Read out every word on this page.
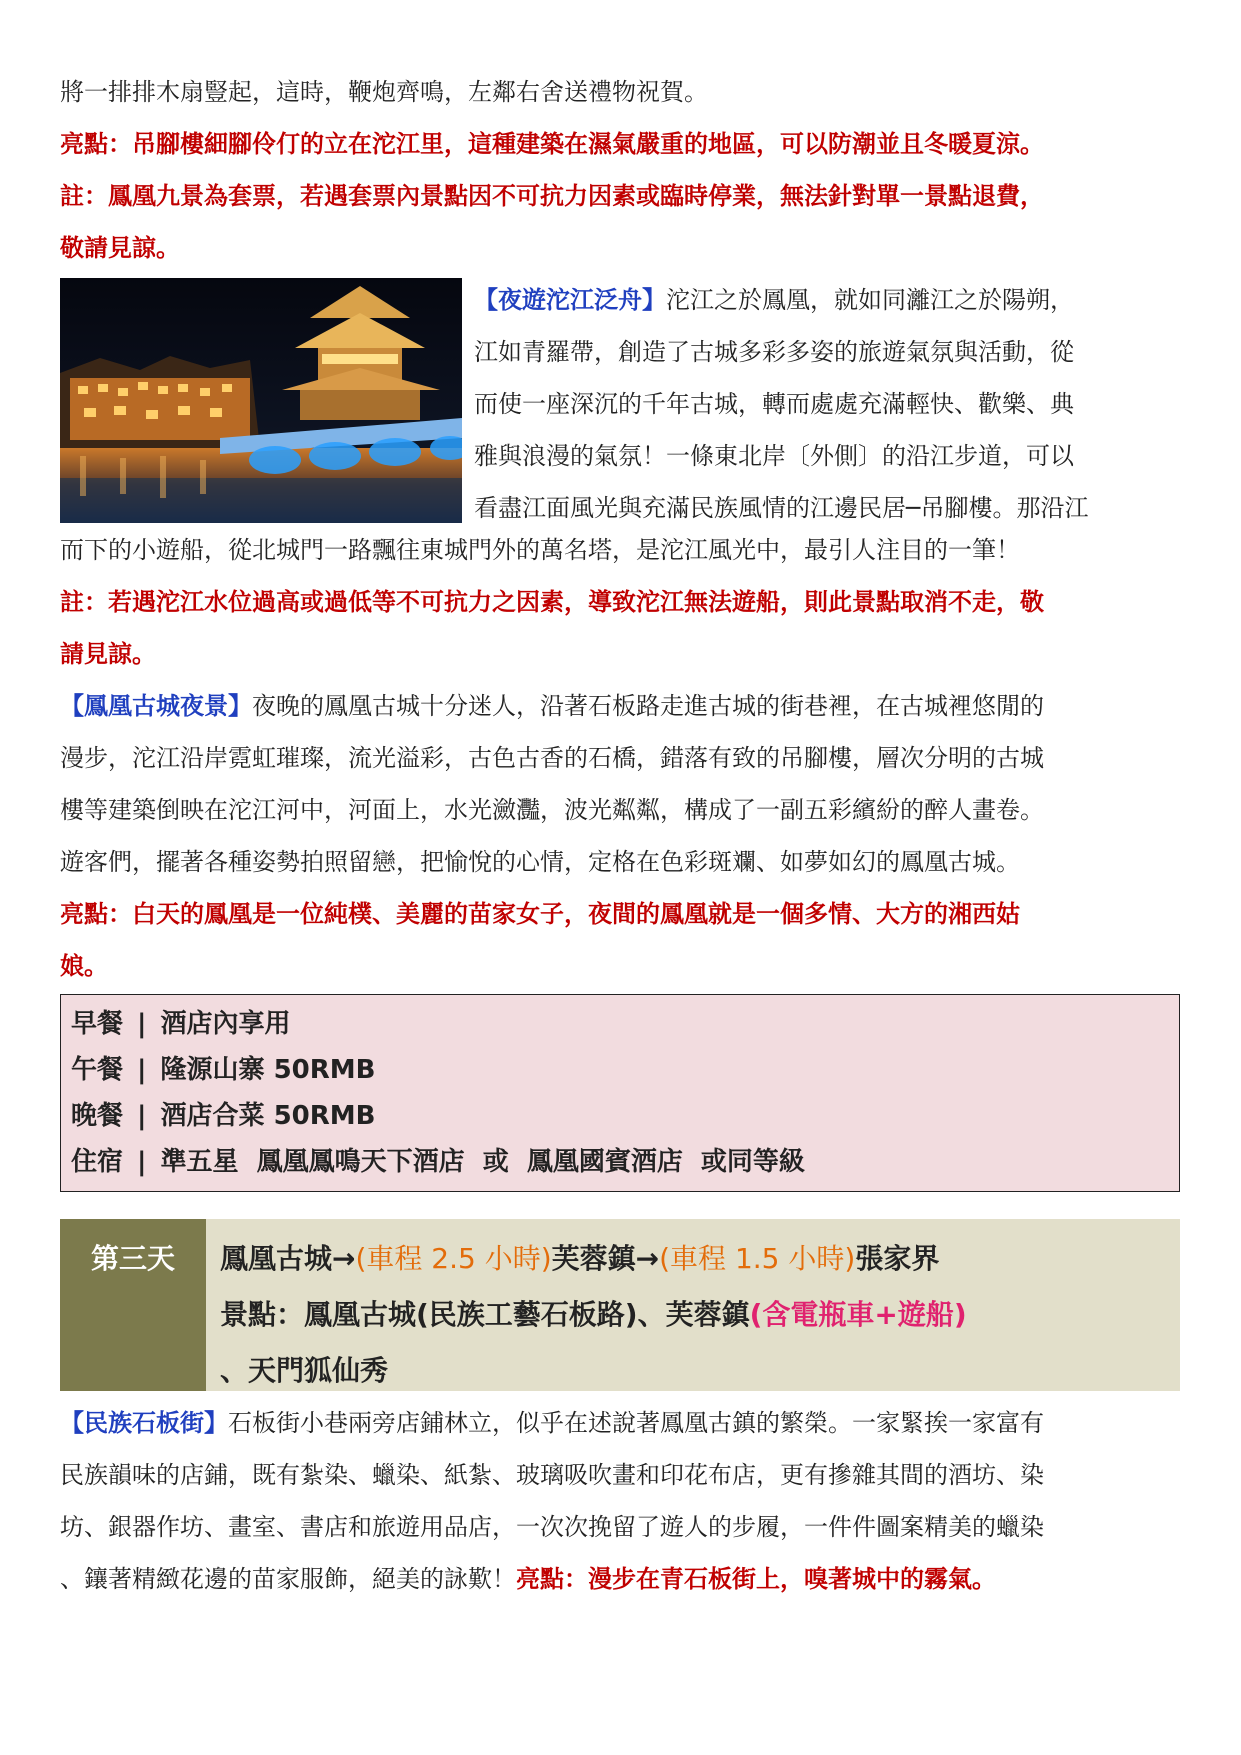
將一排排木扇豎起，這時，鞭炮齊鳴，左鄰右舍送禮物祝賀。
亮點：吊腳樓細腳伶仃的立在沱江里，這種建築在濕氣嚴重的地區，可以防潮並且冬暖夏涼。
註：鳳凰九景為套票，若遇套票內景點因不可抗力因素或臨時停業，無法針對單一景點退費，
敬請見諒。
【夜遊沱江泛舟】沱江之於鳳凰，就如同灕江之於陽朔，
江如青羅帶，創造了古城多彩多姿的旅遊氣氛與活動，從
而使一座深沉的千年古城，轉而處處充滿輕快、歡樂、典
雅與浪漫的氣氛！一條東北岸〔外側〕的沿江步道，可以
看盡江面風光與充滿民族風情的江邊民居─吊腳樓。那沿江
而下的小遊船，從北城門一路飄往東城門外的萬名塔，是沱江風光中，最引人注目的一筆！
註：若遇沱江水位過高或過低等不可抗力之因素，導致沱江無法遊船，則此景點取消不走，敬
請見諒。
【鳳凰古城夜景】夜晚的鳳凰古城十分迷人，沿著石板路走進古城的街巷裡，在古城裡悠閒的
漫步，沱江沿岸霓虹璀璨，流光溢彩，古色古香的石橋，錯落有致的吊腳樓，層次分明的古城
樓等建築倒映在沱江河中，河面上，水光瀲灩，波光粼粼，構成了一副五彩繽紛的醉人畫卷。
遊客們，擺著各種姿勢拍照留戀，把愉悅的心情，定格在色彩斑斕、如夢如幻的鳳凰古城。
亮點：白天的鳳凰是一位純樸、美麗的苗家女子，夜間的鳳凰就是一個多情、大方的湘西姑
娘。
早餐 | 酒店內享用
午餐 | 隆源山寨 50RMB
晚餐 | 酒店合菜 50RMB
住宿 | 準五星  鳳凰鳳鳴天下酒店  或  鳳凰國賓酒店  或同等級
第三天	鳳凰古城→(車程 2.5 小時)芙蓉鎮→(車程 1.5 小時)張家界
景點：鳳凰古城(民族工藝石板路)、芙蓉鎮(含電瓶車+遊船)
、天門狐仙秀
【民族石板街】石板街小巷兩旁店鋪林立，似乎在述說著鳳凰古鎮的繁榮。一家緊挨一家富有
民族韻味的店鋪，既有紮染、蠟染、紙紮、玻璃吸吹畫和印花布店，更有摻雜其間的酒坊、染
坊、銀器作坊、畫室、書店和旅遊用品店，一次次挽留了遊人的步履，一件件圖案精美的蠟染
、鑲著精緻花邊的苗家服飾，絕美的詠歎！亮點：漫步在青石板街上，嗅著城中的霧氣。
